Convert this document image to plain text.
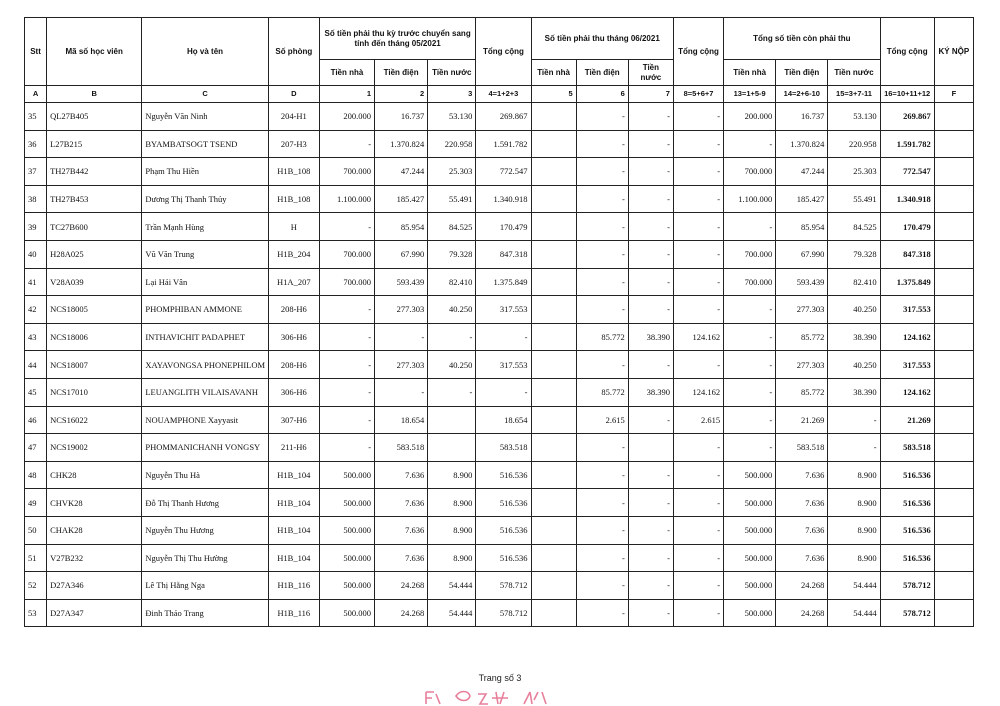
Stt	Mã số học viên	Họ và tên	Số phòng	Số tiền phải thu kỳ trước chuyển sang tính đến tháng 05/2021			Tổng cộng	Số tiền phải thu tháng 06/2021			Tổng cộng	Tổng số tiền còn phải thu			Tổng cộng	KÝ NỘP
				Tiền nhà	Tiền điện	Tiền nước		Tiền nhà	Tiền điện	Tiền nước		Tiền nhà	Tiền điện	Tiền nước		
A	B	C	D	1	2	3	4=1+2+3	5	6	7	8=5+6+7	13=1+5-9	14=2+6-10	15=3+7-11	16=10+11+12	F
35	QL27B405	Nguyễn Văn Ninh	204-H1	200.000	16.737	53.130	269.867		-	-	-	200.000	16.737	53.130	269.867	
36	L27B215	BYAMBATSOGT TSEND	207-H3	-	1.370.824	220.958	1.591.782		-	-	-	-	1.370.824	220.958	1.591.782	
37	TH27B442	Phạm Thu Hiền	H1B_108	700.000	47.244	25.303	772.547		-	-	-	700.000	47.244	25.303	772.547	
38	TH27B453	Dương Thị Thanh Thủy	H1B_108	1.100.000	185.427	55.491	1.340.918		-	-	-	1.100.000	185.427	55.491	1.340.918	
39	TC27B600	Trần Mạnh Hùng	H	-	85.954	84.525	170.479		-	-	-	-	85.954	84.525	170.479	
40	H28A025	Vũ Văn Trung	H1B_204	700.000	67.990	79.328	847.318		-	-	-	700.000	67.990	79.328	847.318	
41	V28A039	Lại Hải Vân	H1A_207	700.000	593.439	82.410	1.375.849		-	-	-	700.000	593.439	82.410	1.375.849	
42	NCS18005	PHOMPHIBAN AMMONE	208-H6	-	277.303	40.250	317.553		-	-	-	-	277.303	40.250	317.553	
43	NCS18006	INTHAVICHIT PADAPHET	306-H6	-	-	-	-		85.772	38.390	124.162	-	85.772	38.390	124.162	
44	NCS18007	XAYAVONGSA PHONEPHILOM	208-H6	-	277.303	40.250	317.553		-	-	-	-	277.303	40.250	317.553	
45	NCS17010	LEUANGLITH VILAISAVANH	306-H6	-	-	-	-		85.772	38.390	124.162	-	85.772	38.390	124.162	
46	NCS16022	NOUAMPHONE Xayyasit	307-H6	-	18.654		18.654		2.615	-	2.615	-	21.269	-	21.269	
47	NCS19002	PHOMMANICHANH VONGSY	211-H6	-	583.518		583.518		-		-	-	583.518	-	583.518	
48	CHK28	Nguyễn Thu Hà	H1B_104	500.000	7.636	8.900	516.536		-	-	-	500.000	7.636	8.900	516.536	
49	CHVK28	Đỗ Thị Thanh Hương	H1B_104	500.000	7.636	8.900	516.536		-	-	-	500.000	7.636	8.900	516.536	
50	CHAK28	Nguyễn Thu Hương	H1B_104	500.000	7.636	8.900	516.536		-	-	-	500.000	7.636	8.900	516.536	
51	V27B232	Nguyễn Thị Thu Hường	H1B_104	500.000	7.636	8.900	516.536		-	-	-	500.000	7.636	8.900	516.536	
52	D27A346	Lê Thị Hằng Nga	H1B_116	500.000	24.268	54.444	578.712		-	-	-	500.000	24.268	54.444	578.712	
53	D27A347	Đinh Thảo Trang	H1B_116	500.000	24.268	54.444	578.712		-	-	-	500.000	24.268	54.444	578.712	
Trang số 3
